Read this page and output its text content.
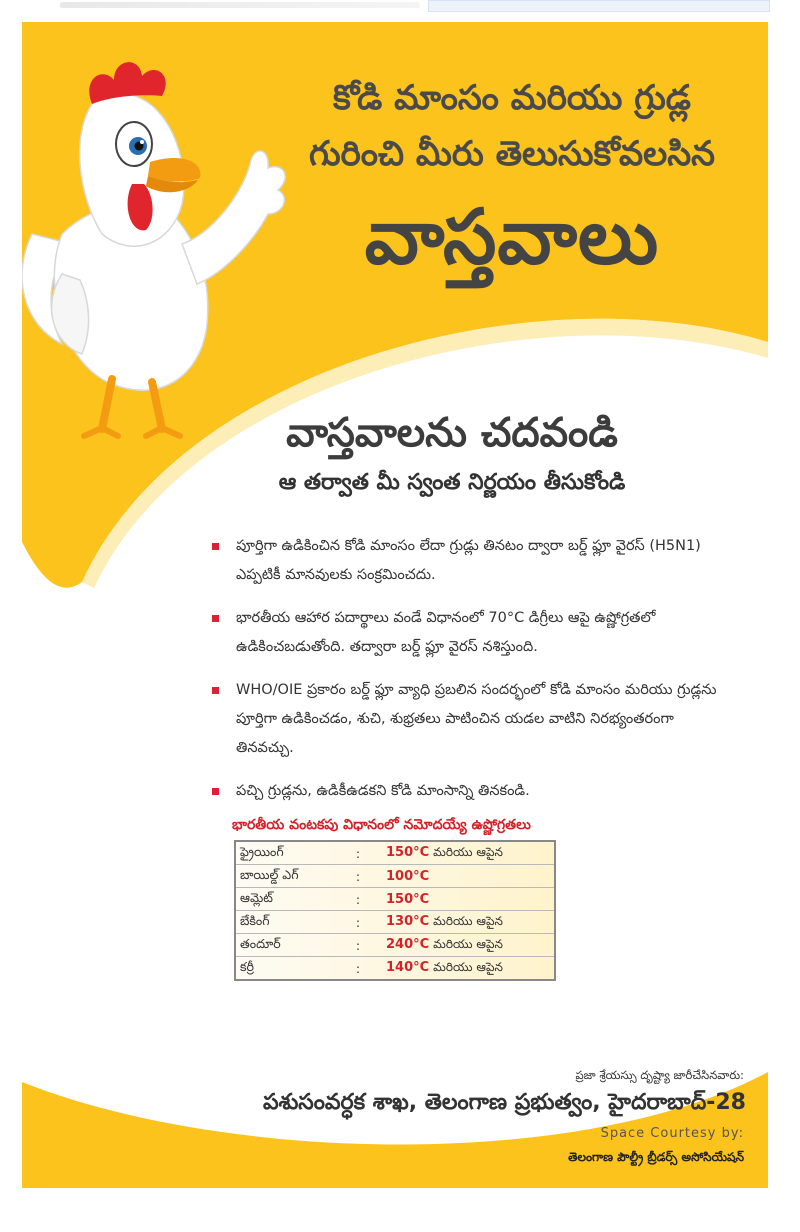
కోడి మాంసం మరియు గ్రుడ్ల
గురించి మీరు తెలుసుకోవలసిన
వాస్తవాలు
వాస్తవాలను చదవండి
ఆ తర్వాత మీ స్వంత నిర్ణయం తీసుకోండి
పూర్తిగా ఉడికించిన కోడి మాంసం లేదా గ్రుడ్లు తినటం ద్వారా బర్డ్ ఫ్లూ వైరస్ (H5N1) ఎప్పటికీ మానవులకు సంక్రమించదు.
భారతీయ ఆహార పదార్థాలు వండే విధానంలో 70°C డిగ్రీలు ఆపై ఉష్ణోగ్రతలో ఉడికించబడుతోంది. తద్వారా బర్డ్ ఫ్లూ వైరస్ నశిస్తుంది.
WHO/OIE ప్రకారం బర్డ్ ఫ్లూ వ్యాధి ప్రబలిన సందర్భంలో కోడి మాంసం మరియు గ్రుడ్లను పూర్తిగా ఉడికించడం, శుచి, శుభ్రతలు పాటించిన యడల వాటిని నిరభ్యంతరంగా తినవచ్చు.
పచ్చి గ్రుడ్లను, ఉడికీఉడకని కోడి మాంసాన్ని తినకండి.
భారతీయ వంటకపు విధానంలో నమోదయ్యే ఉష్ణోగ్రతలు
ఫ్రైయింగ్	:	150°C మరియు ఆపైన
బాయిల్డ్ ఎగ్	:	100°C
ఆమ్లెట్	:	150°C
బేకింగ్	:	130°C మరియు ఆపైన
తందూర్	:	240°C మరియు ఆపైన
కర్రీ	:	140°C మరియు ఆపైన
ప్రజా శ్రేయస్సు దృష్ట్యా జారీచేసినవారు:
పశుసంవర్ధక శాఖ, తెలంగాణ ప్రభుత్వం, హైదరాబాద్-28
Space Courtesy by:
తెలంగాణ పౌల్ట్రీ బ్రీడర్స్ అసోసియేషన్
